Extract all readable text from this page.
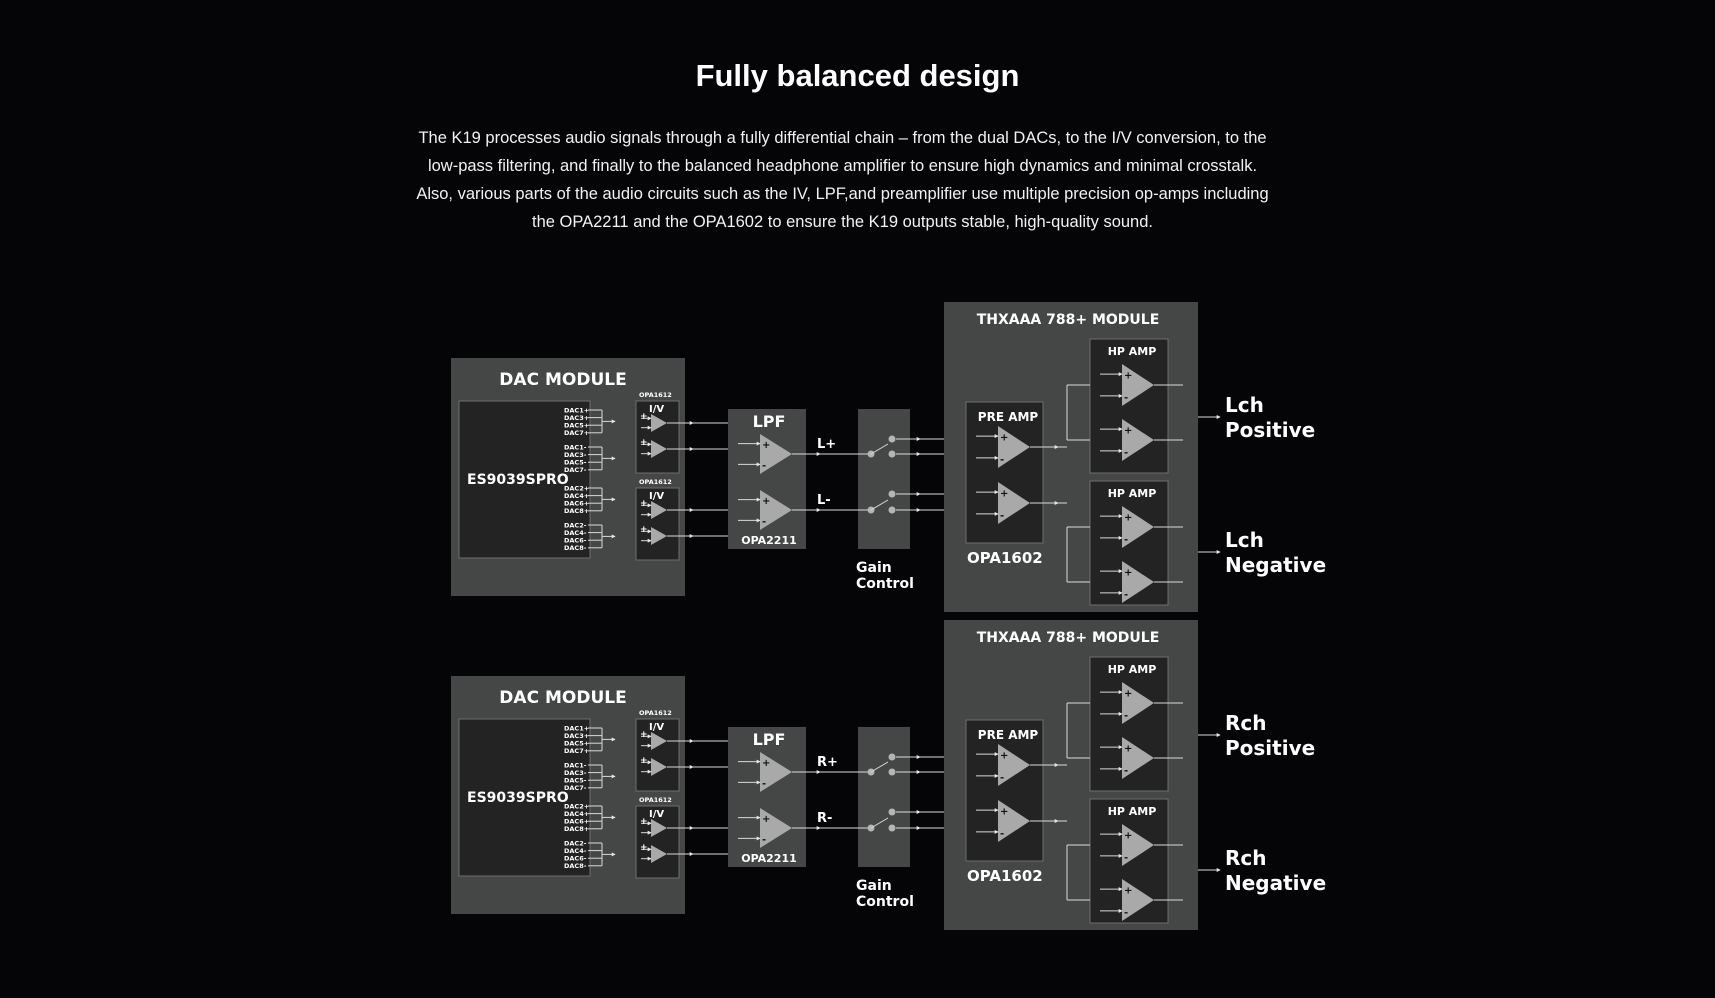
Fully balanced design

The K19 processes audio signals through a fully differential chain – from the dual DACs, to the I/V conversion, to the

low-pass filtering, and finally to the balanced headphone amplifier to ensure high dynamics and minimal crosstalk.

Also, various parts of the audio circuits such as the IV, LPF,and preamplifier use multiple precision op-amps including

the OPA2211 and the OPA1602 to ensure the K19 outputs stable, high-quality sound.

DAC MODULE
ES9039SPRO
DAC1+
DAC3+
DAC5+
DAC7+
DAC1-
DAC3-
DAC5-
DAC7-
DAC2+
DAC4+
DAC6+
DAC8+
DAC2-
DAC4-
DAC6-
DAC8-
OPA1612
I/V
+
+
OPA1612
I/V
+
+
LPF
+
-
+
-
OPA2211
L+
L-
Gain
Control
THXAAA 788+ MODULE
PRE AMP
+
-
+
-
OPA1602
HP AMP
+
-
+
-
HP AMP
+
-
+
-
Lch
Positive
Lch
Negative
DAC MODULE
ES9039SPRO
DAC1+
DAC3+
DAC5+
DAC7+
DAC1-
DAC3-
DAC5-
DAC7-
DAC2+
DAC4+
DAC6+
DAC8+
DAC2-
DAC4-
DAC6-
DAC8-
OPA1612
I/V
+
+
OPA1612
I/V
+
+
LPF
+
-
+
-
OPA2211
R+
R-
Gain
Control
THXAAA 788+ MODULE
PRE AMP
+
-
+
-
OPA1602
HP AMP
+
-
+
-
HP AMP
+
-
+
-
Rch
Positive
Rch
Negative
